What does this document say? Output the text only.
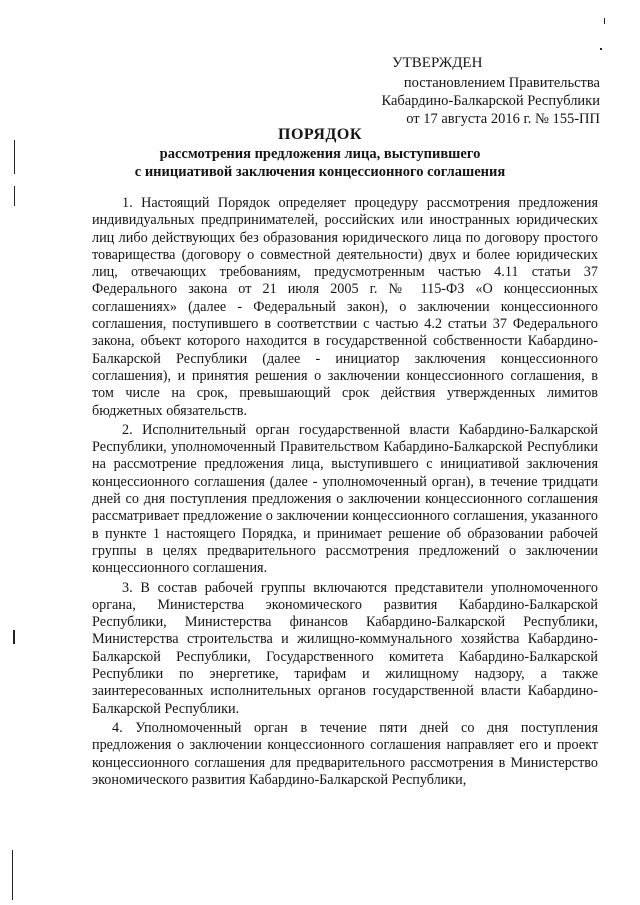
УТВЕРЖДЕН
постановлением Правительства
Кабардино-Балкарской Республики
от 17 августа 2016 г. № 155-ПП
ПОРЯДОК
рассмотрения предложения лица, выступившего
с инициативой заключения концессионного соглашения

1. Настоящий Порядок определяет процедуру рассмотрения предложения индивидуальных предпринимателей, российских или иностранных юридических лиц либо действующих без образования юридического лица по договору простого товарищества (договору о совместной деятельности) двух и более юридических лиц, отвечающих требованиям, предусмотренным частью 4.11 статьи 37 Федерального закона от 21 июля 2005 г. № 115-ФЗ «О концессионных соглашениях» (далее - Федеральный закон), о заключении концессионного соглашения, поступившего в соответствии с частью 4.2 статьи 37 Федерального закона, объект которого находится в государственной собственности Кабардино-Балкарской Республики (далее - инициатор заключения концессионного соглашения), и принятия решения о заключении концессионного соглашения, в том числе на срок, превышающий срок действия утвержденных лимитов бюджетных обязательств.

2. Исполнительный орган государственной власти Кабардино-Балкарской Республики, уполномоченный Правительством Кабардино-Балкарской Республики на рассмотрение предложения лица, выступившего с инициативой заключения концессионного соглашения (далее - уполномоченный орган), в течение тридцати дней со дня поступления предложения о заключении концессионного соглашения рассматривает предложение о заключении концессионного соглашения, указанного в пункте 1 настоящего Порядка, и принимает решение об образовании рабочей группы в целях предварительного рассмотрения предложений о заключении концессионного соглашения.

3. В состав рабочей группы включаются представители уполномоченного органа, Министерства экономического развития Кабардино-Балкарской Республики, Министерства финансов Кабардино-Балкарской Республики, Министерства строительства и жилищно-коммунального хозяйства Кабардино-Балкарской Республики, Государственного комитета Кабардино-Балкарской Республики по энергетике, тарифам и жилищному надзору, а также заинтересованных исполнительных органов государственной власти Кабардино-Балкарской Республики.

4. Уполномоченный орган в течение пяти дней со дня поступления предложения о заключении концессионного соглашения направляет его и проект концессионного соглашения для предварительного рассмотрения в Министерство экономического развития Кабардино-Балкарской Республики,
